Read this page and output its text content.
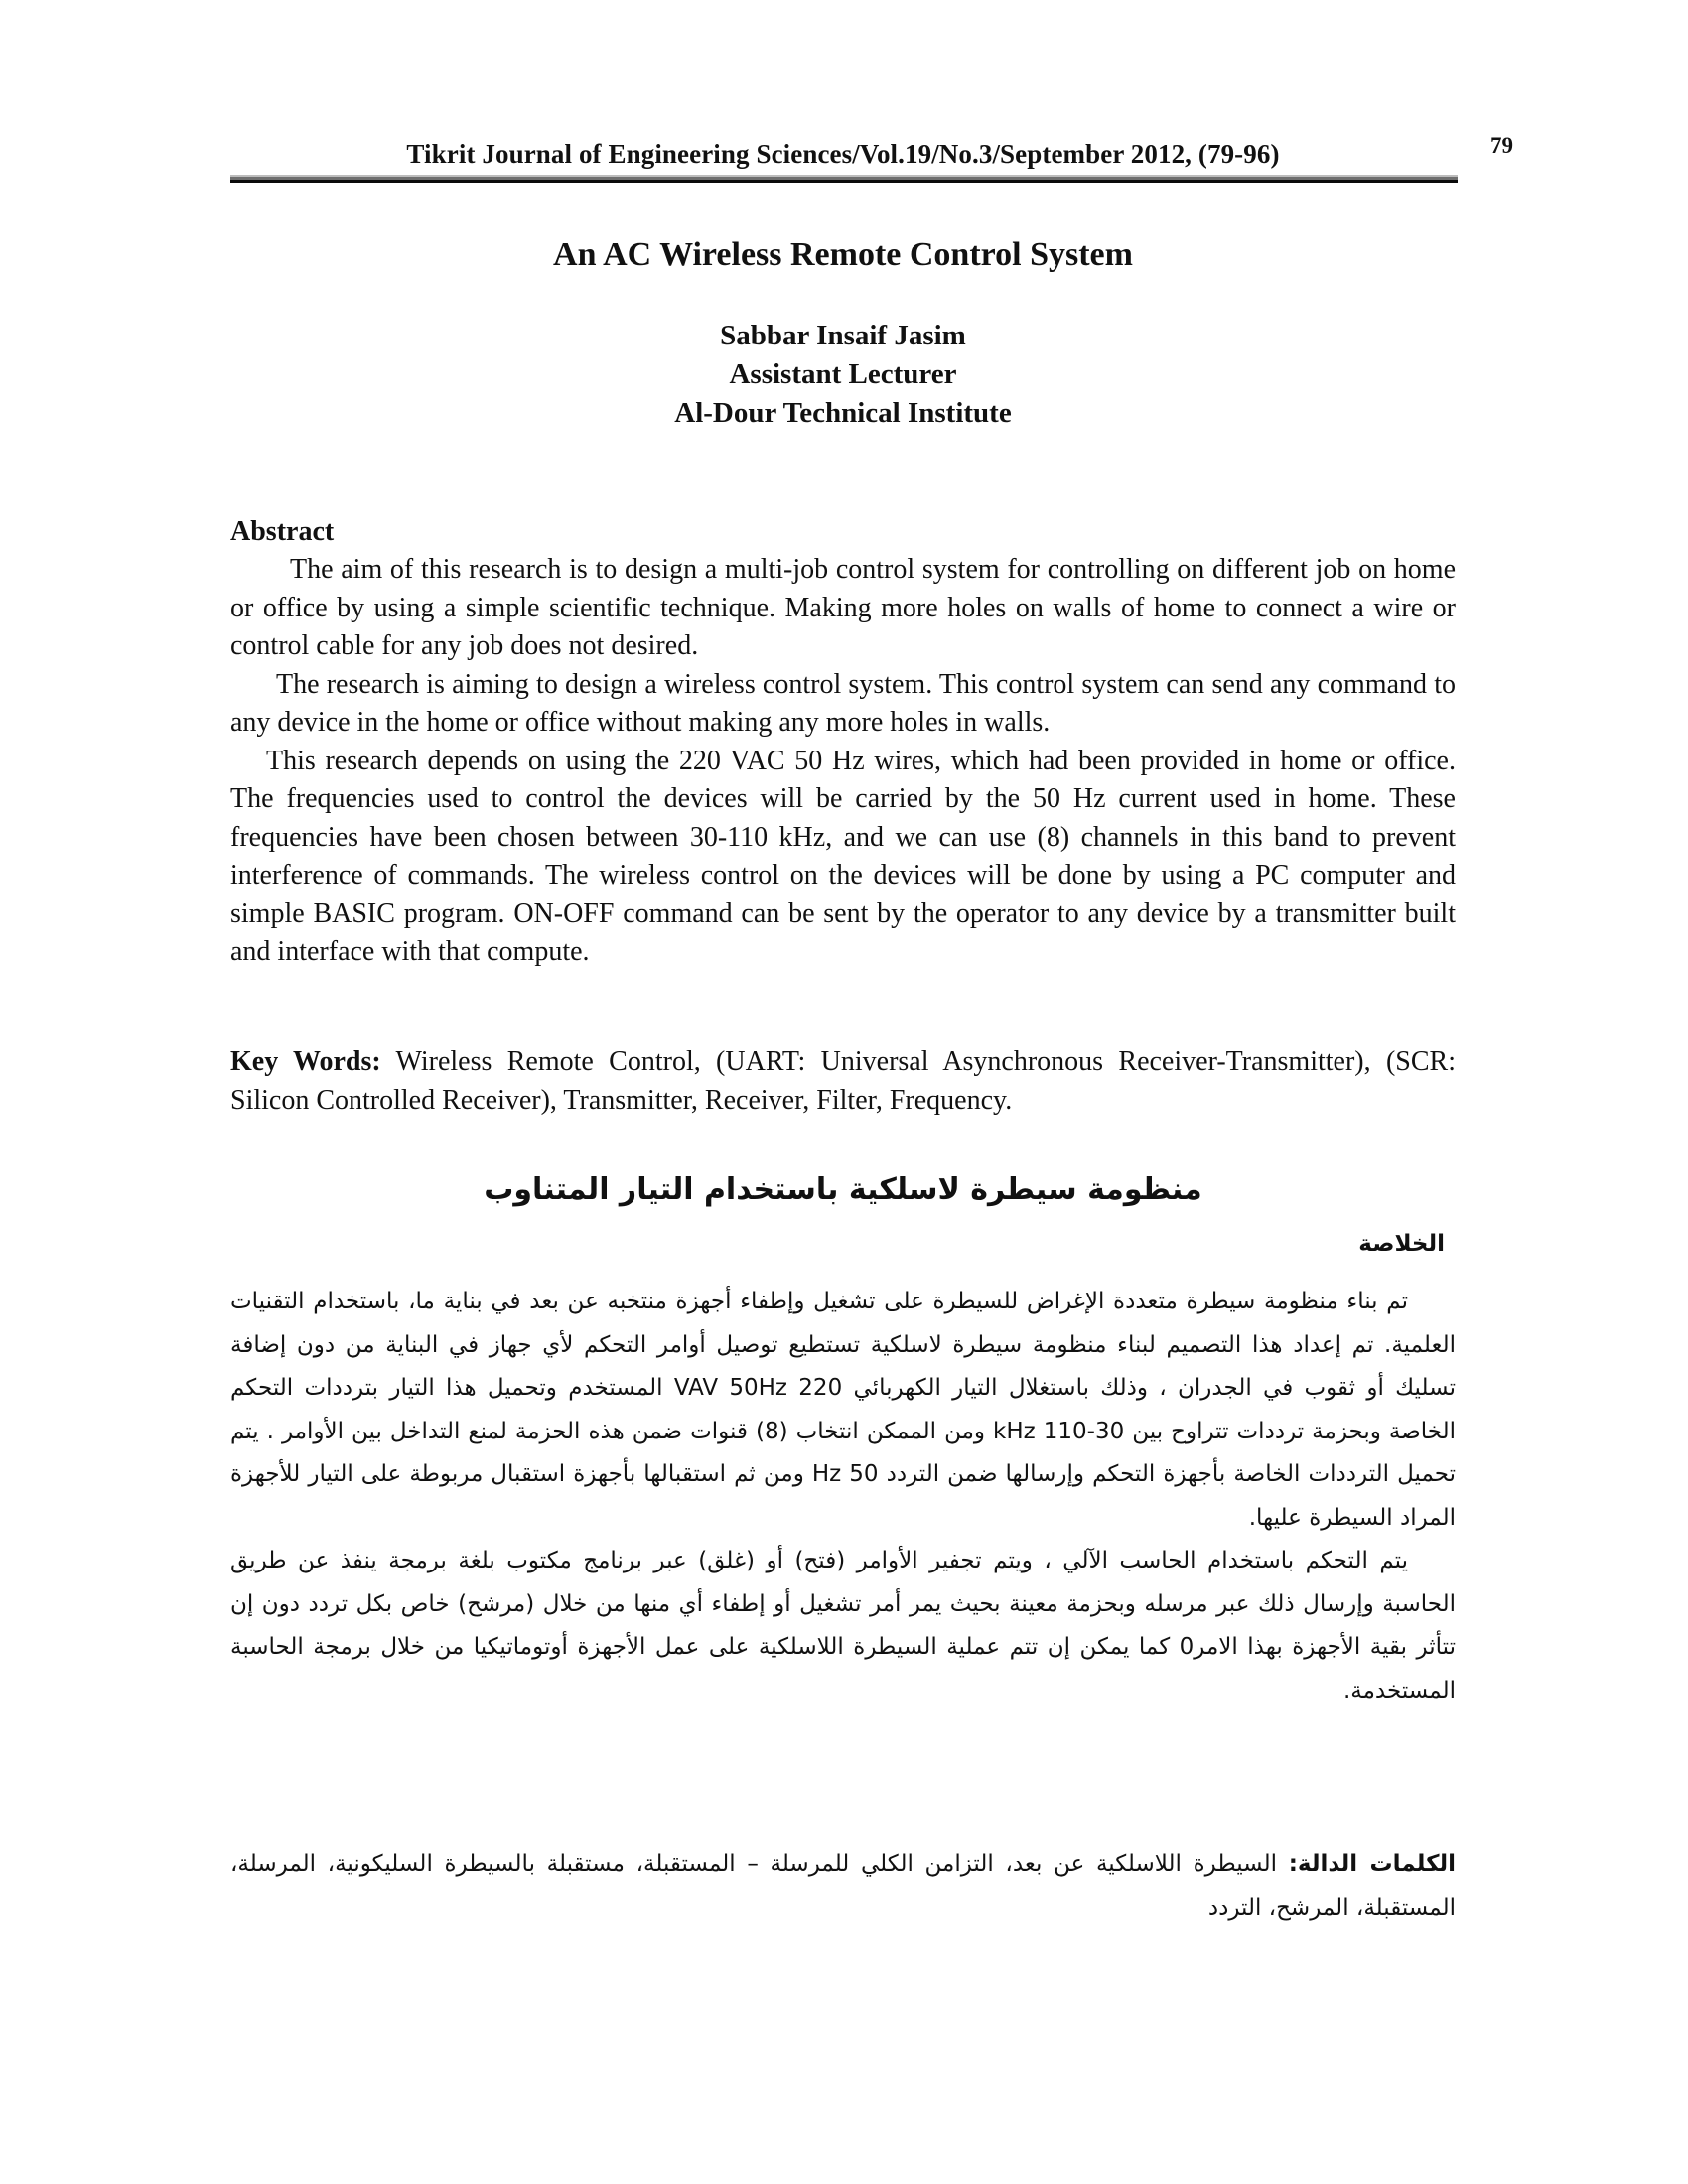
79
Tikrit Journal of Engineering Sciences/Vol.19/No.3/September 2012, (79-96)
An AC Wireless Remote Control System
Sabbar Insaif Jasim
Assistant Lecturer
Al-Dour Technical Institute
Abstract

The aim of this research is to design a multi-job control system for controlling on different job on home or office by using a simple scientific technique. Making more holes on walls of home to connect a wire or control cable for any job does not desired.

The research is aiming to design a wireless control system. This control system can send any command to any device in the home or office without making any more holes in walls.

This research depends on using the 220 VAC 50 Hz wires, which had been provided in home or office. The frequencies used to control the devices will be carried by the 50 Hz current used in home. These frequencies have been chosen between 30-110 kHz, and we can use (8) channels in this band to prevent interference of commands. The wireless control on the devices will be done by using a PC computer and simple BASIC program. ON-OFF command can be sent by the operator to any device by a transmitter built and interface with that compute.

Key Words: Wireless Remote Control, (UART: Universal Asynchronous Receiver-Transmitter), (SCR: Silicon Controlled Receiver), Transmitter, Receiver, Filter, Frequency.
منظومة سيطرة لاسلكية باستخدام التيار المتناوب
الخلاصة

تم بناء منظومة سيطرة متعددة الإغراض للسيطرة على تشغيل وإطفاء أجهزة منتخبه عن بعد في بناية ما، باستخدام التقنيات العلمية. تم إعداد هذا التصميم لبناء منظومة سيطرة لاسلكية تستطيع توصيل أوامر التحكم لأي جهاز في البناية من دون إضافة تسليك أو ثقوب في الجدران ، وذلك باستغلال التيار الكهربائي 220 VAV 50Hz المستخدم وتحميل هذا التيار بترددات التحكم الخاصة وبحزمة ترددات تتراوح بين 30-110 kHz ومن الممكن انتخاب (8) قنوات ضمن هذه الحزمة لمنع التداخل بين الأوامر . يتم تحميل الترددات الخاصة بأجهزة التحكم وإرسالها ضمن التردد 50 Hz ومن ثم استقبالها بأجهزة استقبال مربوطة على التيار للأجهزة المراد السيطرة عليها.

يتم التحكم باستخدام الحاسب الآلي ، ويتم تجفير الأوامر (فتح) أو (غلق) عبر برنامج مكتوب بلغة برمجة ينفذ عن طريق الحاسبة وإرسال ذلك عبر مرسله وبحزمة معينة بحيث يمر أمر تشغيل أو إطفاء أي منها من خلال (مرشح) خاص بكل تردد دون إن تتأثر بقية الأجهزة بهذا الامر0 كما يمكن إن تتم عملية السيطرة اللاسلكية على عمل الأجهزة أوتوماتيكيا من خلال برمجة الحاسبة المستخدمة.

الكلمات الدالة: السيطرة اللاسلكية عن بعد، التزامن الكلي للمرسلة – المستقبلة، مستقبلة بالسيطرة السليكونية، المرسلة، المستقبلة، المرشح، التردد
